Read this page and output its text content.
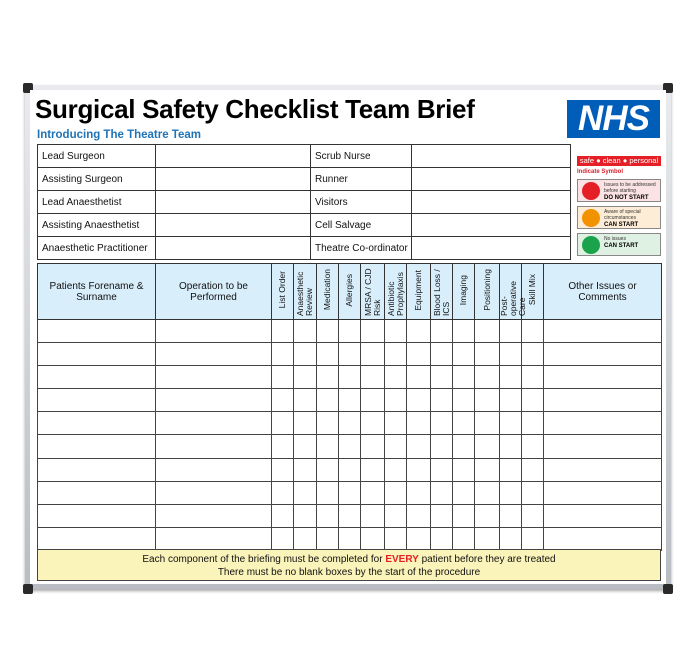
Surgical Safety Checklist Team Brief
Introducing The Theatre Team	NHS
Lead Surgeon		Scrub Nurse	
Assisting Surgeon		Runner	
Lead Anaesthetist		Visitors	
Assisting Anaesthetist		Cell Salvage	
Anaesthetic Practitioner		Theatre Co-ordinator	
safe ● clean ● personal
Indicate Symbol
Issues to be addressed before starting
DO NOT START
Aware of special circumstances
CAN START
No issues
CAN START
Patients Forename & Surname	Operation to be Performed	List Order	Anaesthetic Review	Medication	Allergies	MRSA / CJD Risk	Antibiotic Prophylaxis	Equipment	Blood Loss / ICS	Imaging	Positioning	Post-operative Care	Skill Mix	Other Issues or Comments

Each component of the briefing must be completed for EVERY patient before they are treated
There must be no blank boxes by the start of the procedure
